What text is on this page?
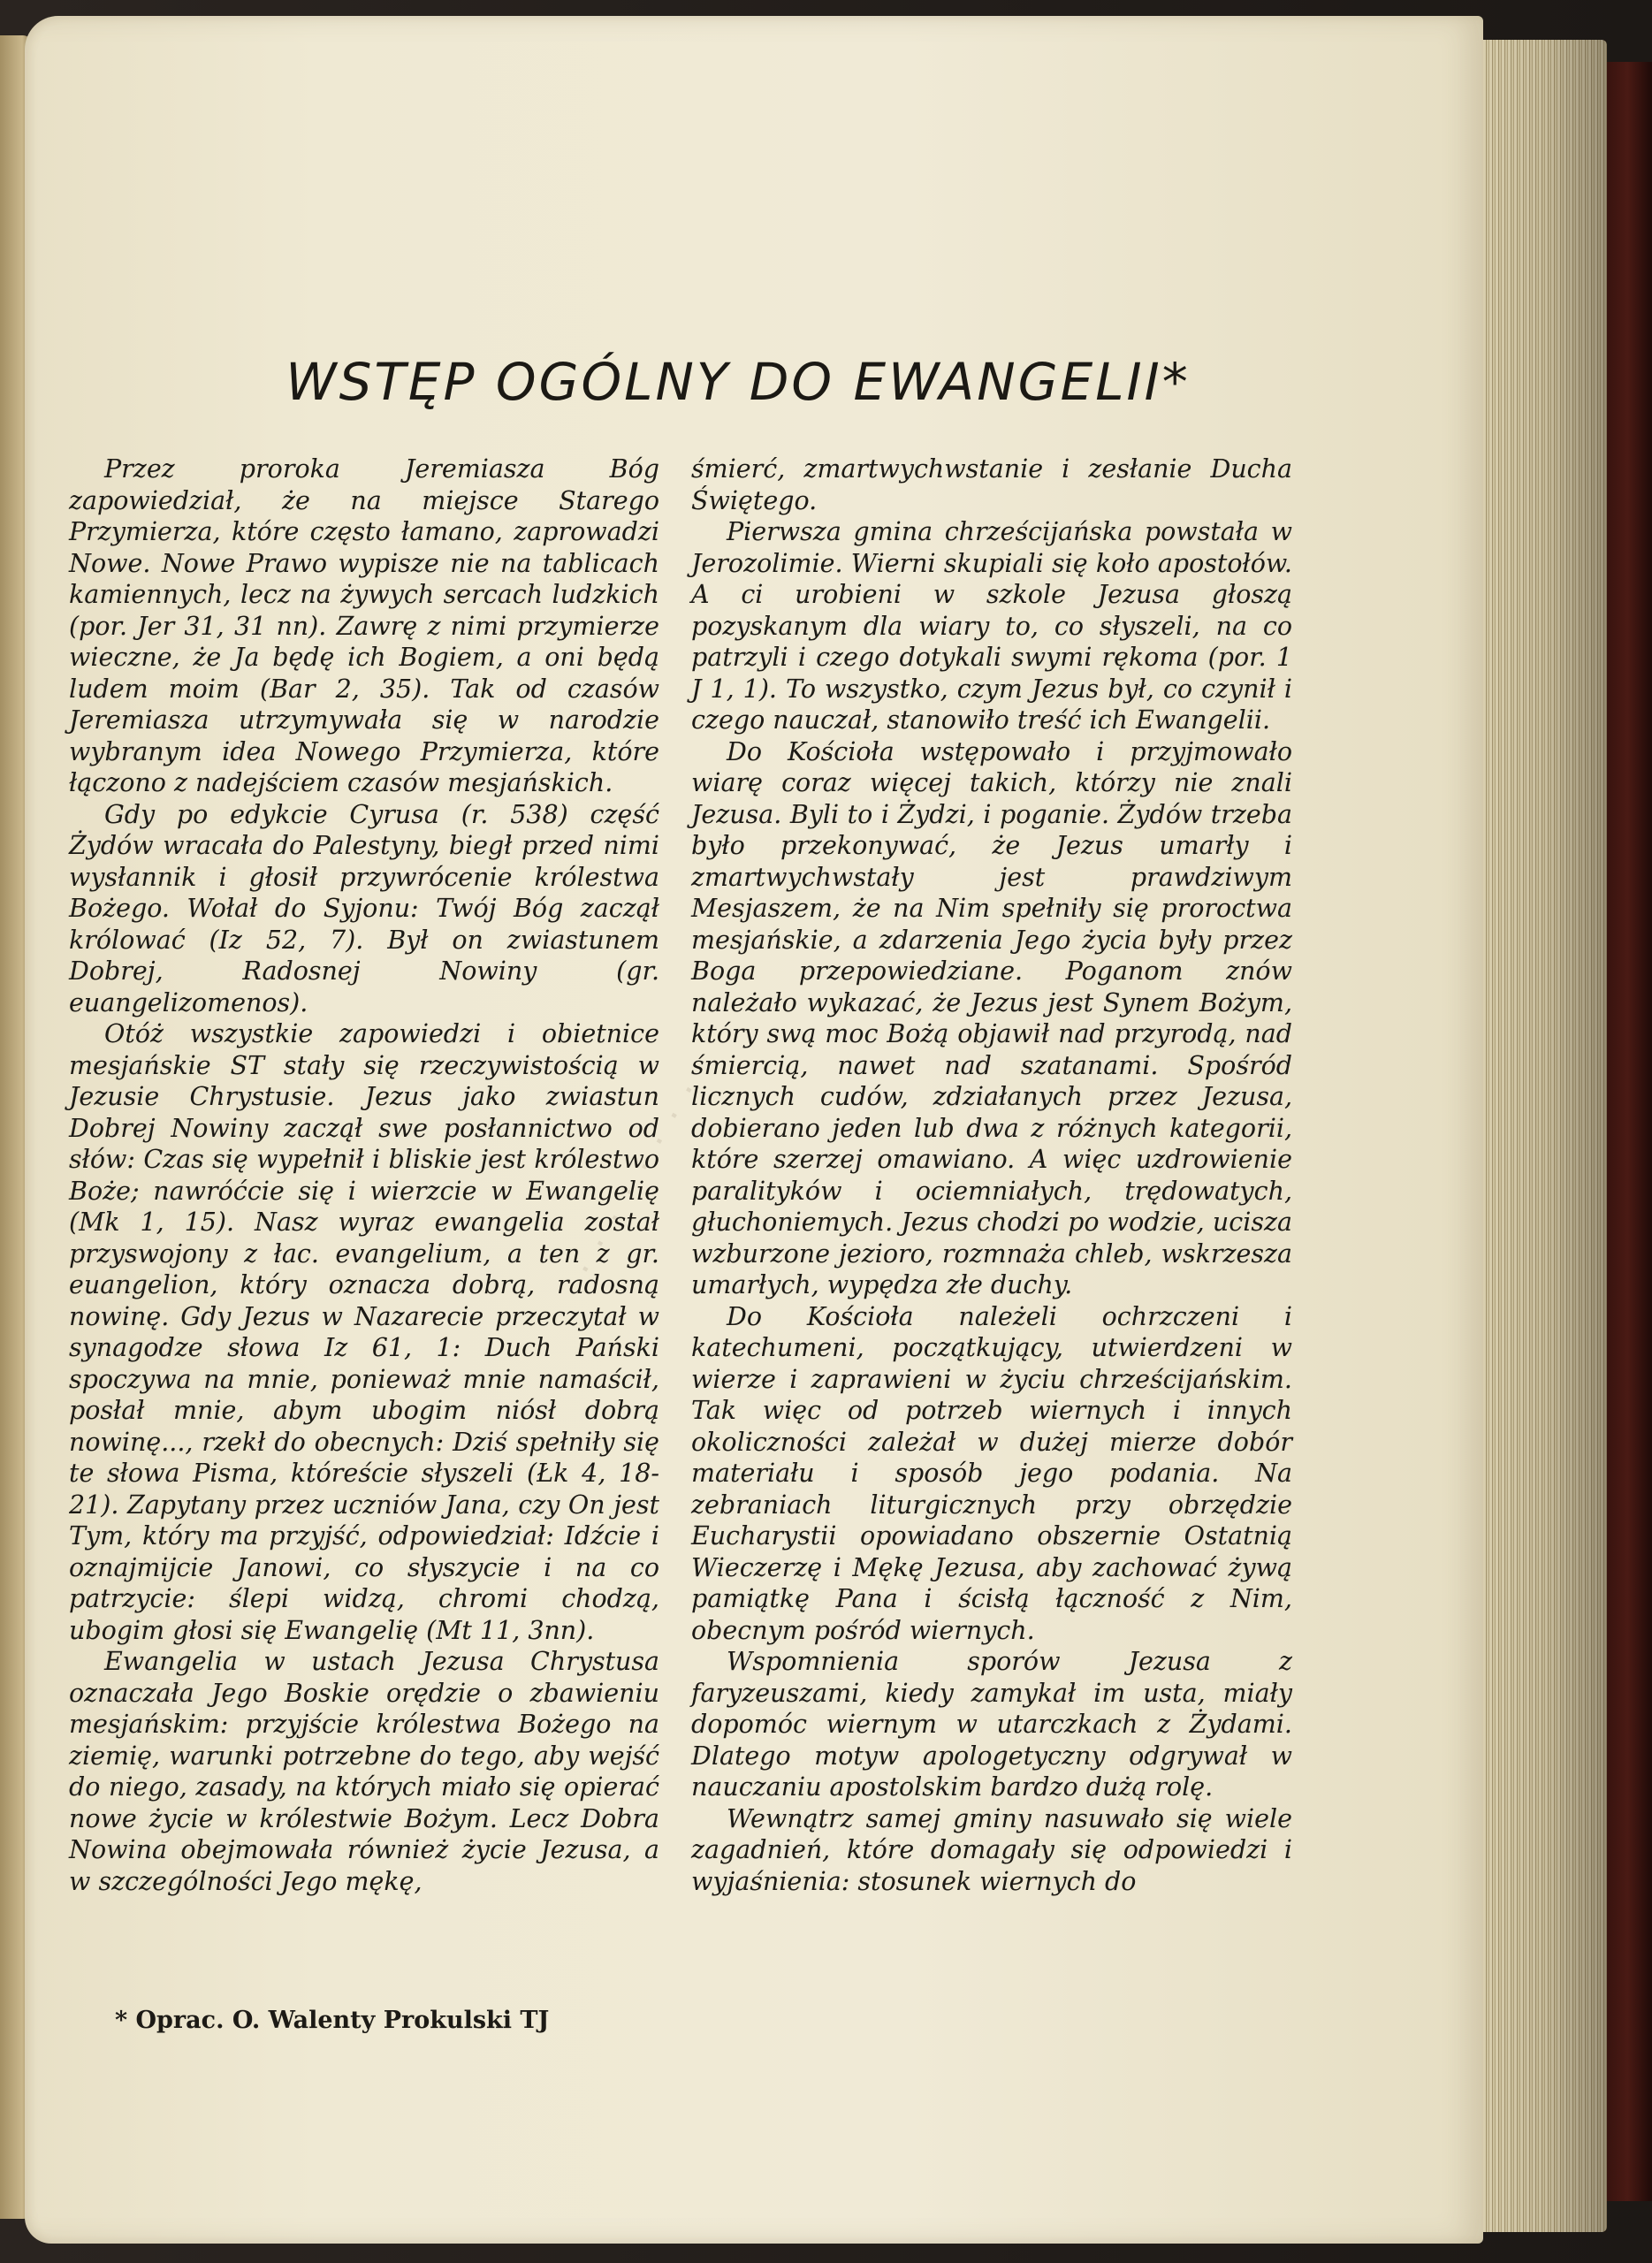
· · · · · · · ·
WSTĘP OGÓLNY DO EWANGELII*

Przez proroka Jeremiasza Bóg zapowiedział, że na miejsce Starego Przymierza, które często łamano, zaprowadzi Nowe. Nowe Prawo wypisze nie na tablicach kamiennych, lecz na żywych sercach ludzkich (por. Jer 31, 31 nn). Zawrę z nimi przymierze wieczne, że Ja będę ich Bogiem, a oni będą ludem moim (Bar 2, 35). Tak od czasów Jeremiasza utrzymywała się w narodzie wybranym idea Nowego Przymierza, które łączono z nadejściem czasów mesjańskich.

Gdy po edykcie Cyrusa (r. 538) część Żydów wracała do Palestyny, biegł przed nimi wysłannik i głosił przywrócenie królestwa Bożego. Wołał do Syjonu: Twój Bóg zaczął królować (Iz 52, 7). Był on zwiastunem Dobrej, Radosnej Nowiny (gr. euangelizomenos).

Otóż wszystkie zapowiedzi i obietnice mesjańskie ST stały się rzeczywistością w Jezusie Chrystusie. Jezus jako zwiastun Dobrej Nowiny zaczął swe posłannictwo od słów: Czas się wypełnił i bliskie jest królestwo Boże; nawróćcie się i wierzcie w Ewangelię (Mk 1, 15). Nasz wyraz ewangelia został przyswojony z łac. evangelium, a ten z gr. euangelion, który oznacza dobrą, radosną nowinę. Gdy Jezus w Nazarecie przeczytał w synagodze słowa Iz 61, 1: Duch Pański spoczywa na mnie, ponieważ mnie namaścił, posłał mnie, abym ubogim niósł dobrą nowinę..., rzekł do obecnych: Dziś spełniły się te słowa Pisma, któreście słyszeli (Łk 4, 18-21). Zapytany przez uczniów Jana, czy On jest Tym, który ma przyjść, odpowiedział: Idźcie i oznajmijcie Janowi, co słyszycie i na co patrzycie: ślepi widzą, chromi chodzą, ubogim głosi się Ewangelię (Mt 11, 3nn).

Ewangelia w ustach Jezusa Chrystusa oznaczała Jego Boskie orędzie o zbawieniu mesjańskim: przyjście królestwa Bożego na ziemię, warunki potrzebne do tego, aby wejść do niego, zasady, na których miało się opierać nowe życie w królestwie Bożym. Lecz Dobra Nowina obejmowała również życie Jezusa, a w szczególności Jego mękę,

śmierć, zmartwychwstanie i zesłanie Ducha Świętego.

Pierwsza gmina chrześcijańska powstała w Jerozolimie. Wierni skupiali się koło apostołów. A ci urobieni w szkole Jezusa głoszą pozyskanym dla wiary to, co słyszeli, na co patrzyli i czego dotykali swymi rękoma (por. 1 J 1, 1). To wszystko, czym Jezus był, co czynił i czego nauczał, stanowiło treść ich Ewangelii.

Do Kościoła wstępowało i przyjmowało wiarę coraz więcej takich, którzy nie znali Jezusa. Byli to i Żydzi, i poganie. Żydów trzeba było przekonywać, że Jezus umarły i zmartwychwstały jest prawdziwym Mesjaszem, że na Nim spełniły się proroctwa mesjańskie, a zdarzenia Jego życia były przez Boga przepowiedziane. Poganom znów należało wykazać, że Jezus jest Synem Bożym, który swą moc Bożą objawił nad przyrodą, nad śmiercią, nawet nad szatanami. Spośród licznych cudów, zdziałanych przez Jezusa, dobierano jeden lub dwa z różnych kategorii, które szerzej omawiano. A więc uzdrowienie paralityków i ociemniałych, trędowatych, głuchoniemych. Jezus chodzi po wodzie, ucisza wzburzone jezioro, rozmnaża chleb, wskrzesza umarłych, wypędza złe duchy.

Do Kościoła należeli ochrzczeni i katechumeni, początkujący, utwierdzeni w wierze i zaprawieni w życiu chrześcijańskim. Tak więc od potrzeb wiernych i innych okoliczności zależał w dużej mierze dobór materiału i sposób jego podania. Na zebraniach liturgicznych przy obrzędzie Eucharystii opowiadano obszernie Ostatnią Wieczerzę i Mękę Jezusa, aby zachować żywą pamiątkę Pana i ścisłą łączność z Nim, obecnym pośród wiernych.

Wspomnienia sporów Jezusa z faryzeuszami, kiedy zamykał im usta, miały dopomóc wiernym w utarczkach z Żydami. Dlatego motyw apologetyczny odgrywał w nauczaniu apostolskim bardzo dużą rolę.

Wewnątrz samej gminy nasuwało się wiele zagadnień, które domagały się odpowiedzi i wyjaśnienia: stosunek wiernych do

* Oprac. O. Walenty Prokulski TJ
